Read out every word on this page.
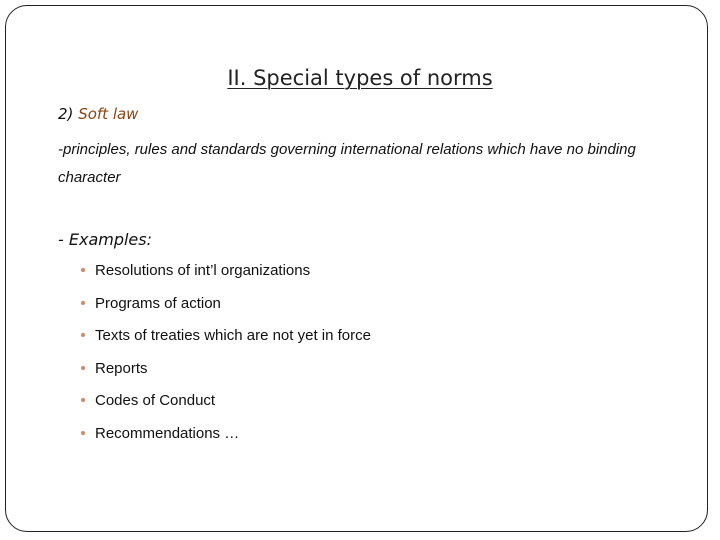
II. Special types of norms
2) Soft law
-principles, rules and standards governing international relations which have no binding character
- Examples:
Resolutions of int’l organizations
Programs of action
Texts of treaties which are not yet in force
Reports
Codes of Conduct
Recommendations …
